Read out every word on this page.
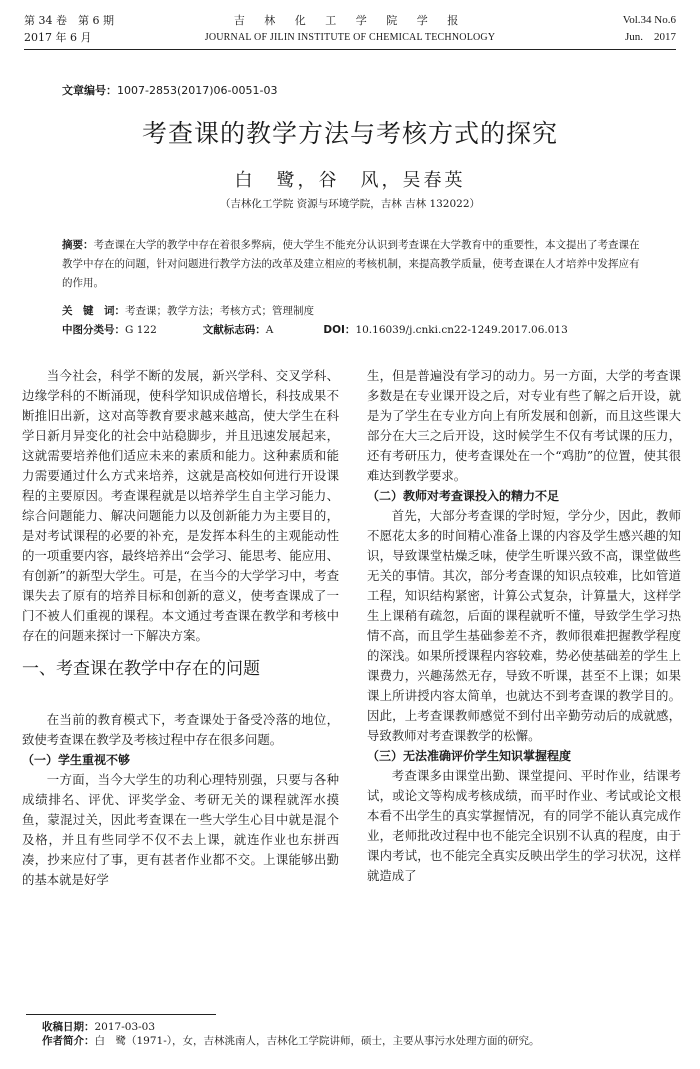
第 34 卷　第 6 期
2017 年 6 月
吉 林 化 工 学 院 学 报
JOURNAL OF JILIN INSTITUTE OF CHEMICAL TECHNOLOGY
Vol.34 No.6
Jun.　2017
文章编号：1007-2853(2017)06-0051-03
考查课的教学方法与考核方式的探究
白　鹭，谷　风，吴春英
（吉林化工学院 资源与环境学院，吉林 吉林 132022）
摘要：考查课在大学的教学中存在着很多弊病，使大学生不能充分认识到考查课在大学教育中的重要性，本文提出了考查课在教学中存在的问题，针对问题进行教学方法的改革及建立相应的考核机制，来提高教学质量，使考查课在人才培养中发挥应有的作用。
关　键　词：考查课；教学方法；考核方式；管理制度
中图分类号：G 122	文献标志码：A	DOI：10.16039/j.cnki.cn22-1249.2017.06.013

当今社会，科学不断的发展，新兴学科、交叉学科、边缘学科的不断涌现，使科学知识成倍增长，科技成果不断推旧出新，这对高等教育要求越来越高，使大学生在科学日新月异变化的社会中站稳脚步，并且迅速发展起来，这就需要培养他们适应未来的素质和能力。这种素质和能力需要通过什么方式来培养，这就是高校如何进行开设课程的主要原因。考查课程就是以培养学生自主学习能力、综合问题能力、解决问题能力以及创新能力为主要目的，是对考试课程的必要的补充，是发挥本科生的主观能动性的一项重要内容，最终培养出“会学习、能思考、能应用、有创新”的新型大学生。可是，在当今的大学学习中，考查课失去了原有的培养目标和创新的意义，使考查课成了一门不被人们重视的课程。本文通过考查课在教学和考核中存在的问题来探讨一下解决方案。

一、考查课在教学中存在的问题

在当前的教育模式下，考查课处于备受冷落的地位，致使考查课在教学及考核过程中存在很多问题。

（一）学生重视不够

一方面，当今大学生的功利心理特别强，只要与各种成绩排名、评优、评奖学金、考研无关的课程就浑水摸鱼，蒙混过关，因此考查课在一些大学生心目中就是混个及格，并且有些同学不仅不去上课，就连作业也东拼西凑，抄来应付了事，更有甚者作业都不交。上课能够出勤的基本就是好学

生，但是普遍没有学习的动力。另一方面，大学的考查课多数是在专业课开设之后，对专业有些了解之后开设，就是为了学生在专业方向上有所发展和创新，而且这些课大部分在大三之后开设，这时候学生不仅有考试课的压力，还有考研压力，使考查课处在一个“鸡肋”的位置，使其很难达到教学要求。

（二）教师对考查课投入的精力不足

首先，大部分考查课的学时短，学分少，因此，教师不愿花太多的时间精心准备上课的内容及学生感兴趣的知识，导致课堂枯燥乏味，使学生听课兴致不高，课堂做些无关的事情。其次，部分考查课的知识点较难，比如管道工程，知识结构紧密，计算公式复杂，计算量大，这样学生上课稍有疏忽，后面的课程就听不懂，导致学生学习热情不高，而且学生基础参差不齐，教师很难把握教学程度的深浅。如果所授课程内容较难，势必使基础差的学生上课费力，兴趣荡然无存，导致不听课，甚至不上课；如果课上所讲授内容太简单，也就达不到考查课的教学目的。因此，上考查课教师感觉不到付出辛勤劳动后的成就感，导致教师对考查课教学的松懈。

（三）无法准确评价学生知识掌握程度

考查课多由课堂出勤、课堂提问、平时作业，结课考试，或论文等构成考核成绩，而平时作业、考试或论文根本看不出学生的真实掌握情况，有的同学不能认真完成作业，老师批改过程中也不能完全识别不认真的程度，由于课内考试，也不能完全真实反映出学生的学习状况，这样就造成了

收稿日期：2017-03-03
作者简介：白　鹭（1971-），女，吉林洮南人，吉林化工学院讲师，硕士，主要从事污水处理方面的研究。
